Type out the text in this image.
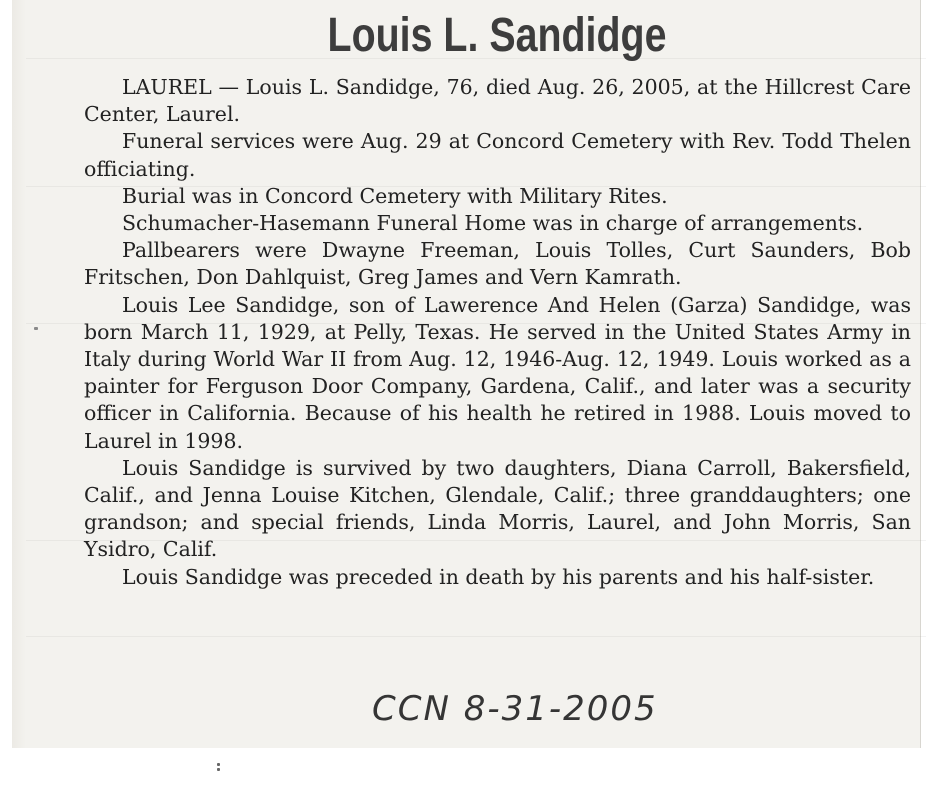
Louis L. Sandidge

LAUREL — Louis L. Sandidge, 76, died Aug. 26, 2005, at the Hillcrest Care Center, Laurel.

Funeral services were Aug. 29 at Concord Cemetery with Rev. Todd Thelen officiating.

Burial was in Concord Cemetery with Military Rites.

Schumacher-Hasemann Funeral Home was in charge of arrangements.

Pallbearers were Dwayne Freeman, Louis Tolles, Curt Saunders, Bob Fritschen, Don Dahlquist, Greg James and Vern Kamrath.

Louis Lee Sandidge, son of Lawerence And Helen (Garza) Sandidge, was born March 11, 1929, at Pelly, Texas. He served in the United States Army in Italy during World War II from Aug. 12, 1946-Aug. 12, 1949. Louis worked as a painter for Ferguson Door Company, Gardena, Calif., and later was a security officer in California. Because of his health he retired in 1988. Louis moved to Laurel in 1998.

Louis Sandidge is survived by two daughters, Diana Carroll, Bakersfield, Calif., and Jenna Louise Kitchen, Glendale, Calif.; three granddaughters; one grandson; and special friends, Linda Morris, Laurel, and John Morris, San Ysidro, Calif.

Louis Sandidge was preceded in death by his parents and his half-sister.

CCN 8-31-2005
